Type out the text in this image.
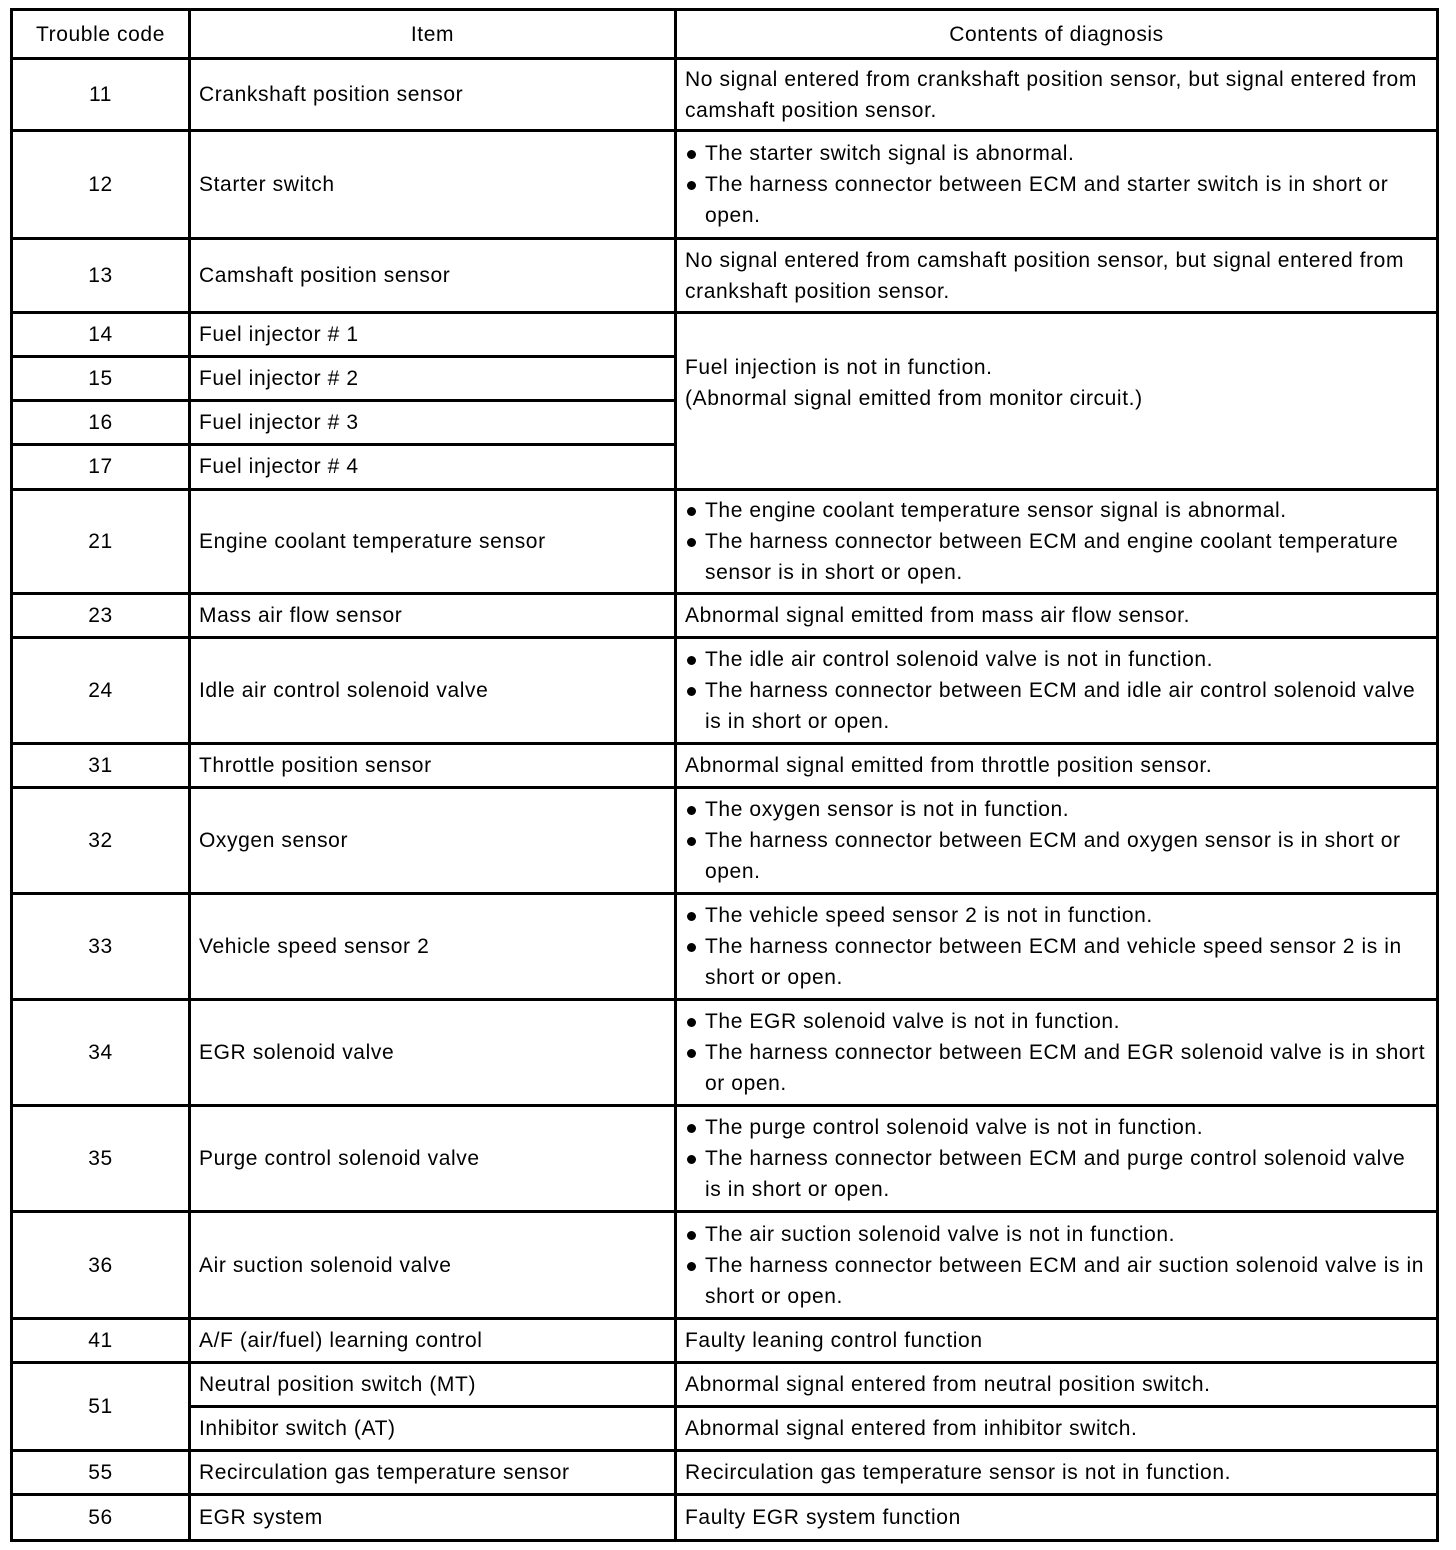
Trouble code	Item	Contents of diagnosis
11	Crankshaft position sensor	No signal entered from crankshaft position sensor, but signal entered from camshaft position sensor.
12	Starter switch	The starter switch signal is abnormal.
The harness connector between ECM and starter switch is in short or open.

13	Camshaft position sensor	No signal entered from camshaft position sensor, but signal entered from crankshaft position sensor.
14	Fuel injector # 1	Fuel injection is not in function.
(Abnormal signal emitted from monitor circuit.)

15	Fuel injector # 2	
16	Fuel injector # 3	
17	Fuel injector # 4	
21	Engine coolant temperature sensor	The engine coolant temperature sensor signal is abnormal.
The harness connector between ECM and engine coolant temperature sensor is in short or open.

23	Mass air flow sensor	Abnormal signal emitted from mass air flow sensor.
24	Idle air control solenoid valve	The idle air control solenoid valve is not in function.
The harness connector between ECM and idle air control solenoid valve is in short or open.

31	Throttle position sensor	Abnormal signal emitted from throttle position sensor.
32	Oxygen sensor	The oxygen sensor is not in function.
The harness connector between ECM and oxygen sensor is in short or open.

33	Vehicle speed sensor 2	The vehicle speed sensor 2 is not in function.
The harness connector between ECM and vehicle speed sensor 2 is in short or open.

34	EGR solenoid valve	The EGR solenoid valve is not in function.
The harness connector between ECM and EGR solenoid valve is in short or open.

35	Purge control solenoid valve	The purge control solenoid valve is not in function.
The harness connector between ECM and purge control solenoid valve is in short or open.

36	Air suction solenoid valve	The air suction solenoid valve is not in function.
The harness connector between ECM and air suction solenoid valve is in short or open.

41	A/F (air/fuel) learning control	Faulty leaning control function
51	Neutral position switch (MT)	Abnormal signal entered from neutral position switch.
	Inhibitor switch (AT)	Abnormal signal entered from inhibitor switch.
55	Recirculation gas temperature sensor	Recirculation gas temperature sensor is not in function.
56	EGR system	Faulty EGR system function
